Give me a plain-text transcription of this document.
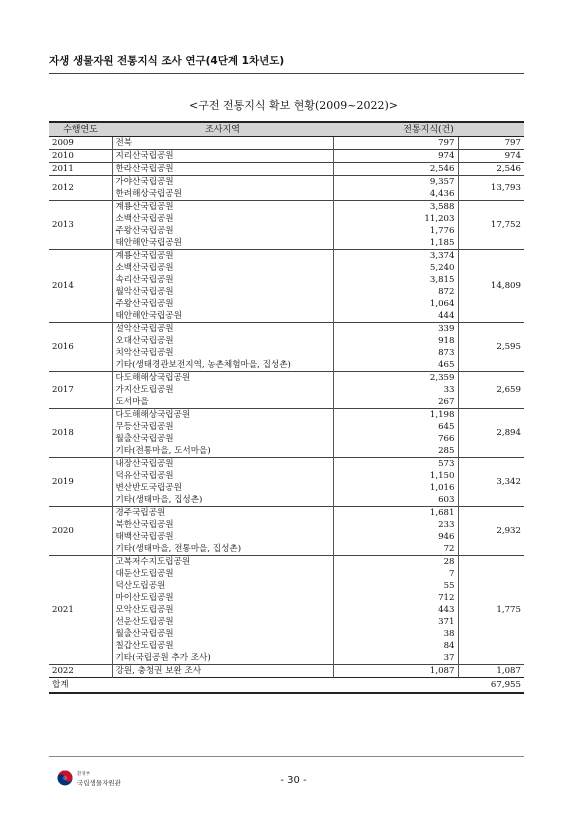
자생 생물자원 전통지식 조사 연구(4단계 1차년도)
<구전 전통지식 확보 현황(2009~2022)>
수행연도	조사지역	전통지식(건)	
2009	전북	797	797
2010	지리산국립공원	974	974
2011	한라산국립공원	2,546	2,546
2012	가야산국립공원	9,357	13,793
	한려해상국립공원	4,436	
2013	계룡산국립공원	3,588	17,752
	소백산국립공원	11,203	
	주왕산국립공원	1,776	
	태안해안국립공원	1,185	
2014	계룡산국립공원	3,374	14,809
	소백산국립공원	5,240	
	속리산국립공원	3,815	
	월악산국립공원	872	
	주왕산국립공원	1,064	
	태안해안국립공원	444	
2016	설악산국립공원	339	2,595
	오대산국립공원	918	
	치악산국립공원	873	
	기타(생태경관보전지역, 농촌체험마을, 집성촌)	465	
2017	다도해해상국립공원	2,359	2,659
	가지산도립공원	33	
	도서마을	267	
2018	다도해해상국립공원	1,198	2,894
	무등산국립공원	645	
	월출산국립공원	766	
	기타(전통마을, 도서마을)	285	
2019	내장산국립공원	573	3,342
	덕유산국립공원	1,150	
	변산반도국립공원	1,016	
	기타(생태마을, 집성촌)	603	
2020	경주국립공원	1,681	2,932
	북한산국립공원	233	
	태백산국립공원	946	
	기타(생태마을, 전통마을, 집성촌)	72	
2021	고복저수지도립공원	28	1,775
	대둔산도립공원	7	
	덕산도립공원	55	
	마이산도립공원	712	
	모악산도립공원	443	
	선운산도립공원	371	
	월출산국립공원	38	
	칠갑산도립공원	84	
	기타(국립공원 추가 조사)	37	
2022	강원, 충청권 보완 조사	1,087	1,087
합계		67,955	
환경부
국립생물자원관	- 30 -
